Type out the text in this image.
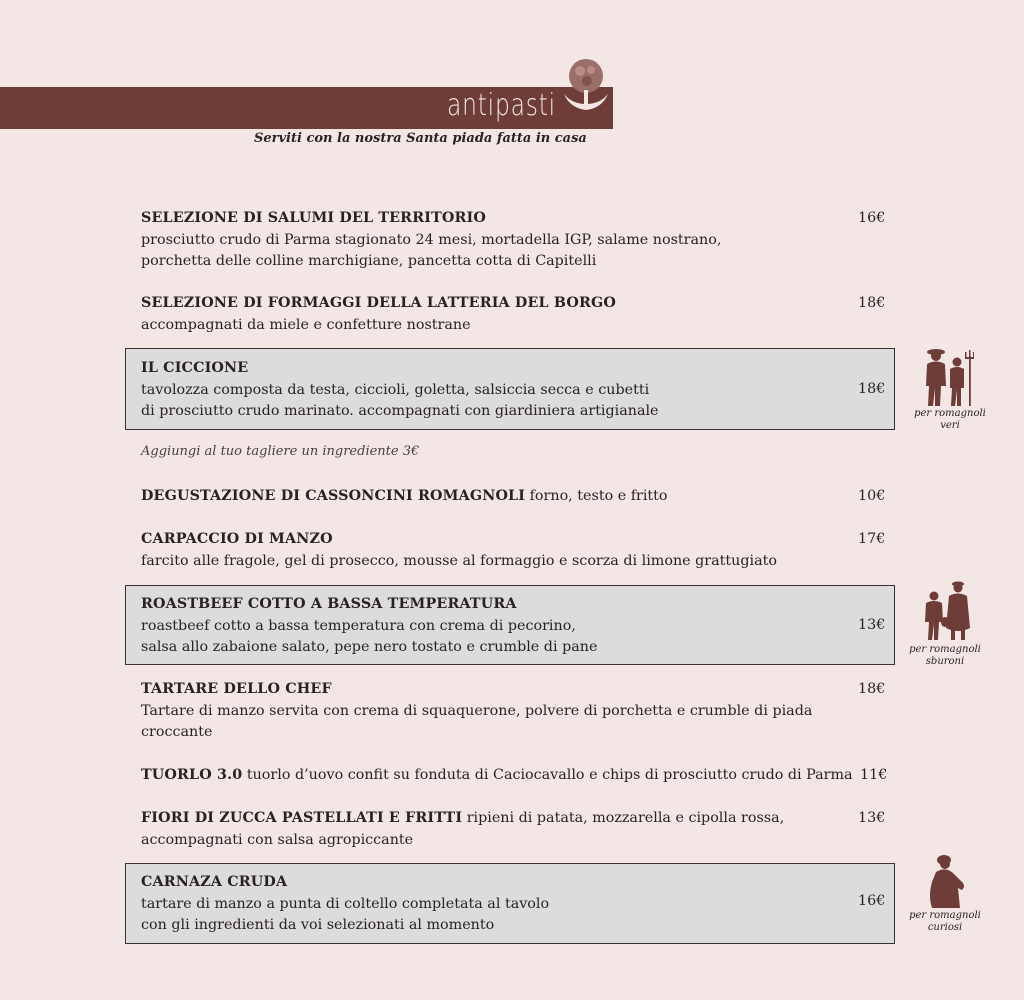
antipasti
Serviti con la nostra Santa piada fatta in casa
SELEZIONE DI SALUMI DEL TERRITORIO
prosciutto crudo di Parma stagionato 24 mesi, mortadella IGP, salame nostrano,
porchetta delle colline marchigiane, pancetta cotta di Capitelli
16€
SELEZIONE DI FORMAGGI DELLA LATTERIA DEL BORGO
accompagnati da miele e confetture nostrane
18€
IL CICCIONE
tavolozza composta da testa, ciccioli, goletta, salsiccia secca e cubetti
di prosciutto crudo marinato. accompagnati con giardiniera artigianale
18€
Aggiungi al tuo tagliere un ingrediente 3€
DEGUSTAZIONE DI CASSONCINI ROMAGNOLI forno, testo e fritto	10€
CARPACCIO DI MANZO
farcito alle fragole, gel di prosecco, mousse al formaggio e scorza di limone grattugiato
17€
ROASTBEEF COTTO A BASSA TEMPERATURA
roastbeef cotto a bassa temperatura con crema di pecorino,
salsa allo zabaione salato, pepe nero tostato e crumble di pane
13€
TARTARE DELLO CHEF
Tartare di manzo servita con crema di squaquerone, polvere di porchetta e crumble di piada
croccante
18€
TUORLO 3.0 tuorlo d’uovo confit su fonduta di Caciocavallo e chips di prosciutto crudo di Parma 11€
FIORI DI ZUCCA PASTELLATI E FRITTI ripieni di patata, mozzarella e cipolla rossa,
accompagnati con salsa agropiccante
13€
CARNAZA CRUDA
tartare di manzo a punta di coltello completata al tavolo
con gli ingredienti da voi selezionati al momento
16€
per romagnoli
veri
per romagnoli
sburoni
per romagnoli
curiosi
